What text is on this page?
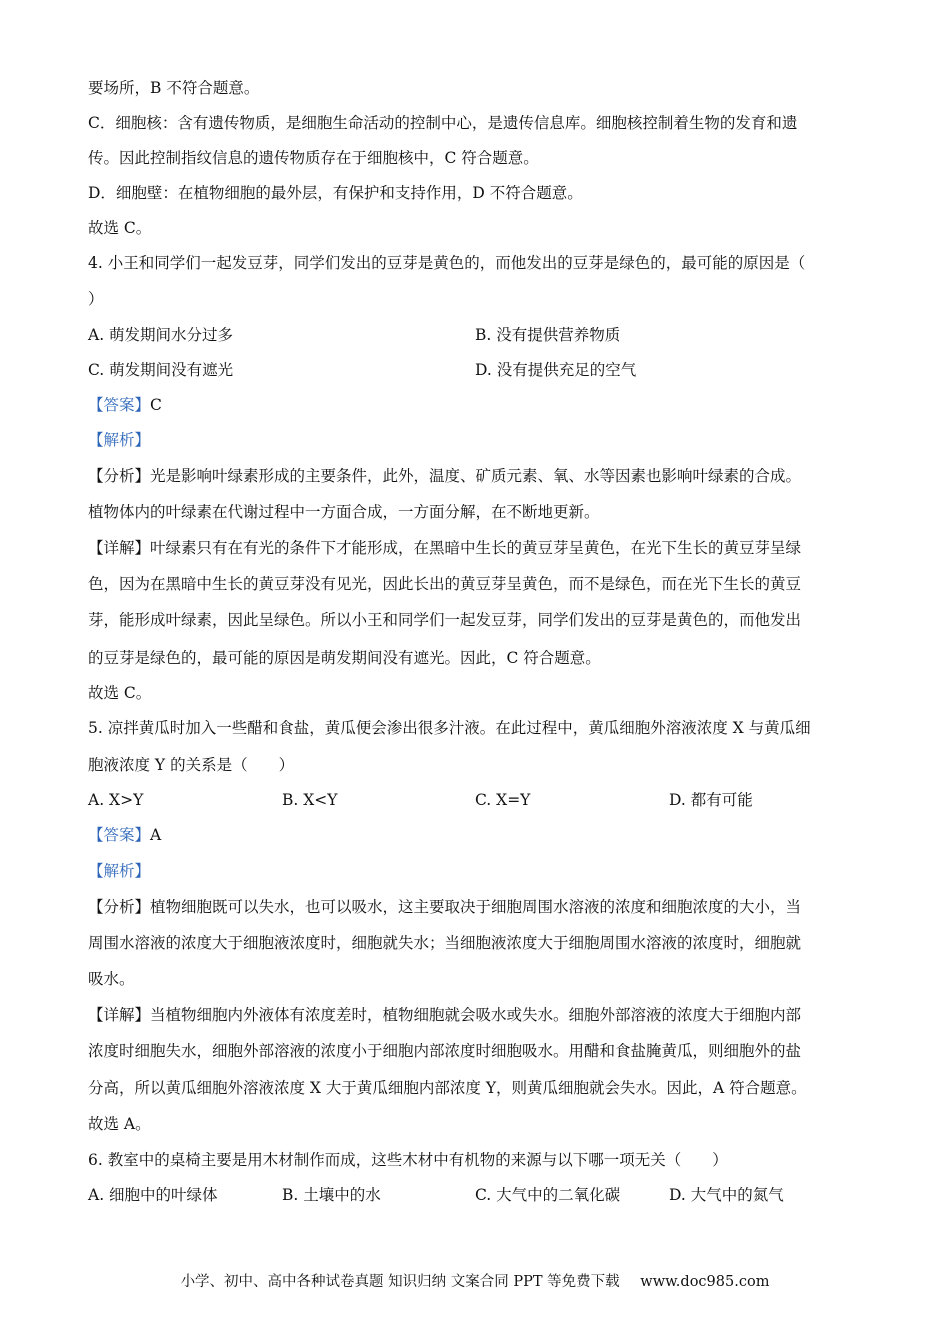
要场所，B 不符合题意。
C．细胞核：含有遗传物质，是细胞生命活动的控制中心，是遗传信息库。细胞核控制着生物的发育和遗
传。因此控制指纹信息的遗传物质存在于细胞核中，C 符合题意。
D．细胞壁：在植物细胞的最外层，有保护和支持作用，D 不符合题意。
故选 C。
4. 小王和同学们一起发豆芽，同学们发出的豆芽是黄色的，而他发出的豆芽是绿色的，最可能的原因是（
）
A. 萌发期间水分过多	B. 没有提供营养物质
C. 萌发期间没有遮光	D. 没有提供充足的空气
【答案】C
【解析】
【分析】光是影响叶绿素形成的主要条件，此外，温度、矿质元素、氧、水等因素也影响叶绿素的合成。
植物体内的叶绿素在代谢过程中一方面合成，一方面分解，在不断地更新。
【详解】叶绿素只有在有光的条件下才能形成，在黑暗中生长的黄豆芽呈黄色，在光下生长的黄豆芽呈绿
色，因为在黑暗中生长的黄豆芽没有见光，因此长出的黄豆芽呈黄色，而不是绿色，而在光下生长的黄豆
芽，能形成叶绿素，因此呈绿色。所以小王和同学们一起发豆芽，同学们发出的豆芽是黄色的，而他发出
的豆芽是绿色的，最可能的原因是萌发期间没有遮光。因此，C 符合题意。
故选 C。
5. 凉拌黄瓜时加入一些醋和食盐，黄瓜便会渗出很多汁液。在此过程中，黄瓜细胞外溶液浓度 X 与黄瓜细
胞液浓度 Y 的关系是（　　）
A. X>Y	B. X<Y	C. X=Y	D. 都有可能
【答案】A
【解析】
【分析】植物细胞既可以失水，也可以吸水，这主要取决于细胞周围水溶液的浓度和细胞浓度的大小，当
周围水溶液的浓度大于细胞液浓度时，细胞就失水；当细胞液浓度大于细胞周围水溶液的浓度时，细胞就
吸水。
【详解】当植物细胞内外液体有浓度差时，植物细胞就会吸水或失水。细胞外部溶液的浓度大于细胞内部
浓度时细胞失水，细胞外部溶液的浓度小于细胞内部浓度时细胞吸水。用醋和食盐腌黄瓜，则细胞外的盐
分高，所以黄瓜细胞外溶液浓度 X 大于黄瓜细胞内部浓度 Y，则黄瓜细胞就会失水。因此，A 符合题意。
故选 A。
6. 教室中的桌椅主要是用木材制作而成，这些木材中有机物的来源与以下哪一项无关（　　）
A. 细胞中的叶绿体	B. 土壤中的水	C. 大气中的二氧化碳	D. 大气中的氮气
小学、初中、高中各种试卷真题 知识归纳 文案合同 PPT 等免费下载 www.doc985.com
